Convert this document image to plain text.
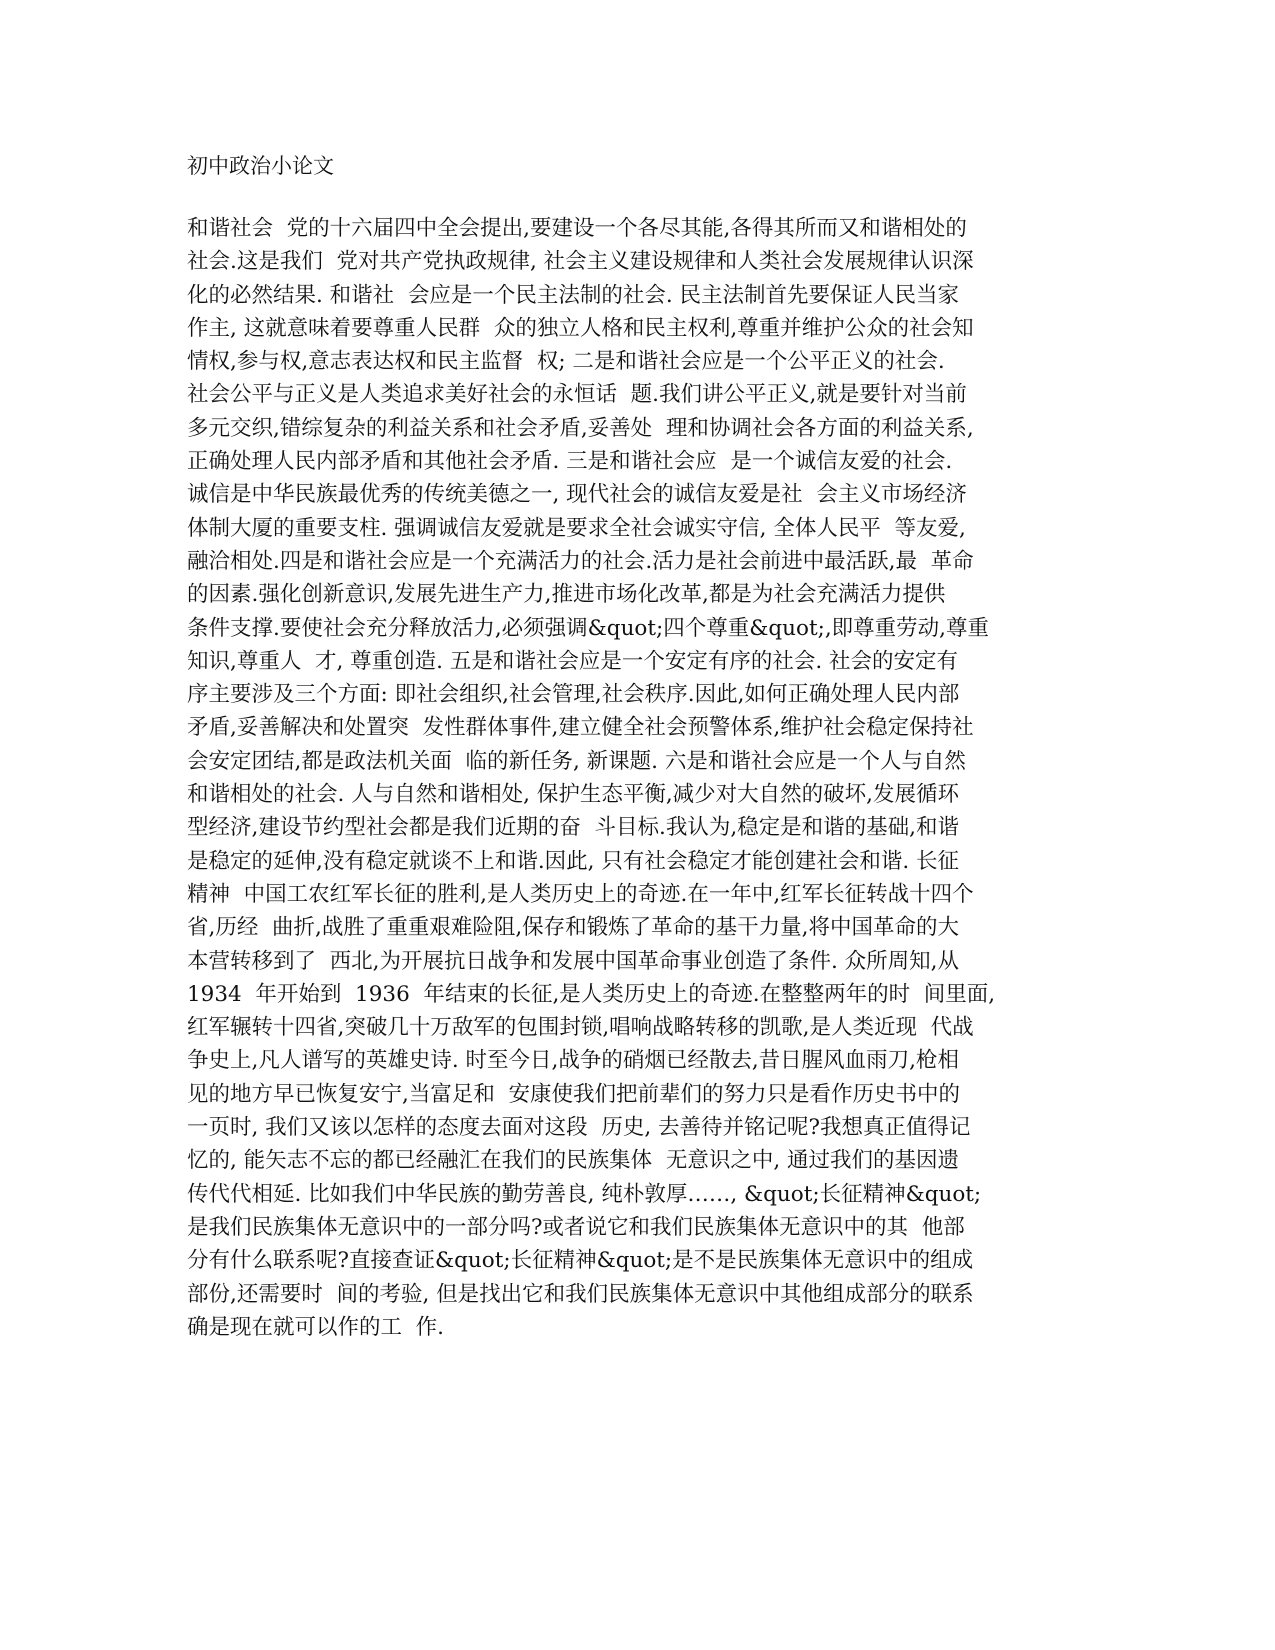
初中政治小论文
和谐社会  党的十六届四中全会提出,要建设一个各尽其能,各得其所而又和谐相处的
社会.这是我们  党对共产党执政规律, 社会主义建设规律和人类社会发展规律认识深
化的必然结果. 和谐社  会应是一个民主法制的社会. 民主法制首先要保证人民当家
作主, 这就意味着要尊重人民群  众的独立人格和民主权利,尊重并维护公众的社会知
情权,参与权,意志表达权和民主监督  权; 二是和谐社会应是一个公平正义的社会.
社会公平与正义是人类追求美好社会的永恒话  题.我们讲公平正义,就是要针对当前
多元交织,错综复杂的利益关系和社会矛盾,妥善处  理和协调社会各方面的利益关系,
正确处理人民内部矛盾和其他社会矛盾. 三是和谐社会应  是一个诚信友爱的社会.
诚信是中华民族最优秀的传统美德之一, 现代社会的诚信友爱是社  会主义市场经济
体制大厦的重要支柱. 强调诚信友爱就是要求全社会诚实守信, 全体人民平  等友爱,
融洽相处.四是和谐社会应是一个充满活力的社会.活力是社会前进中最活跃,最  革命
的因素.强化创新意识,发展先进生产力,推进市场化改革,都是为社会充满活力提供
条件支撑.要使社会充分释放活力,必须强调&quot;四个尊重&quot;,即尊重劳动,尊重
知识,尊重人  才, 尊重创造. 五是和谐社会应是一个安定有序的社会. 社会的安定有
序主要涉及三个方面: 即社会组织,社会管理,社会秩序.因此,如何正确处理人民内部
矛盾,妥善解决和处置突  发性群体事件,建立健全社会预警体系,维护社会稳定保持社
会安定团结,都是政法机关面  临的新任务, 新课题. 六是和谐社会应是一个人与自然
和谐相处的社会. 人与自然和谐相处, 保护生态平衡,减少对大自然的破坏,发展循环
型经济,建设节约型社会都是我们近期的奋  斗目标.我认为,稳定是和谐的基础,和谐
是稳定的延伸,没有稳定就谈不上和谐.因此, 只有社会稳定才能创建社会和谐. 长征
精神  中国工农红军长征的胜利,是人类历史上的奇迹.在一年中,红军长征转战十四个
省,历经  曲折,战胜了重重艰难险阻,保存和锻炼了革命的基干力量,将中国革命的大
本营转移到了  西北,为开展抗日战争和发展中国革命事业创造了条件. 众所周知,从
1934  年开始到  1936  年结束的长征,是人类历史上的奇迹.在整整两年的时  间里面,
红军辗转十四省,突破几十万敌军的包围封锁,唱响战略转移的凯歌,是人类近现  代战
争史上,凡人谱写的英雄史诗. 时至今日,战争的硝烟已经散去,昔日腥风血雨刀,枪相
见的地方早已恢复安宁,当富足和  安康使我们把前辈们的努力只是看作历史书中的
一页时, 我们又该以怎样的态度去面对这段  历史, 去善待并铭记呢?我想真正值得记
忆的, 能矢志不忘的都已经融汇在我们的民族集体  无意识之中, 通过我们的基因遗
传代代相延. 比如我们中华民族的勤劳善良, 纯朴敦厚……, &quot;长征精神&quot;
是我们民族集体无意识中的一部分吗?或者说它和我们民族集体无意识中的其  他部
分有什么联系呢?直接查证&quot;长征精神&quot;是不是民族集体无意识中的组成
部份,还需要时  间的考验, 但是找出它和我们民族集体无意识中其他组成部分的联系
确是现在就可以作的工  作.
